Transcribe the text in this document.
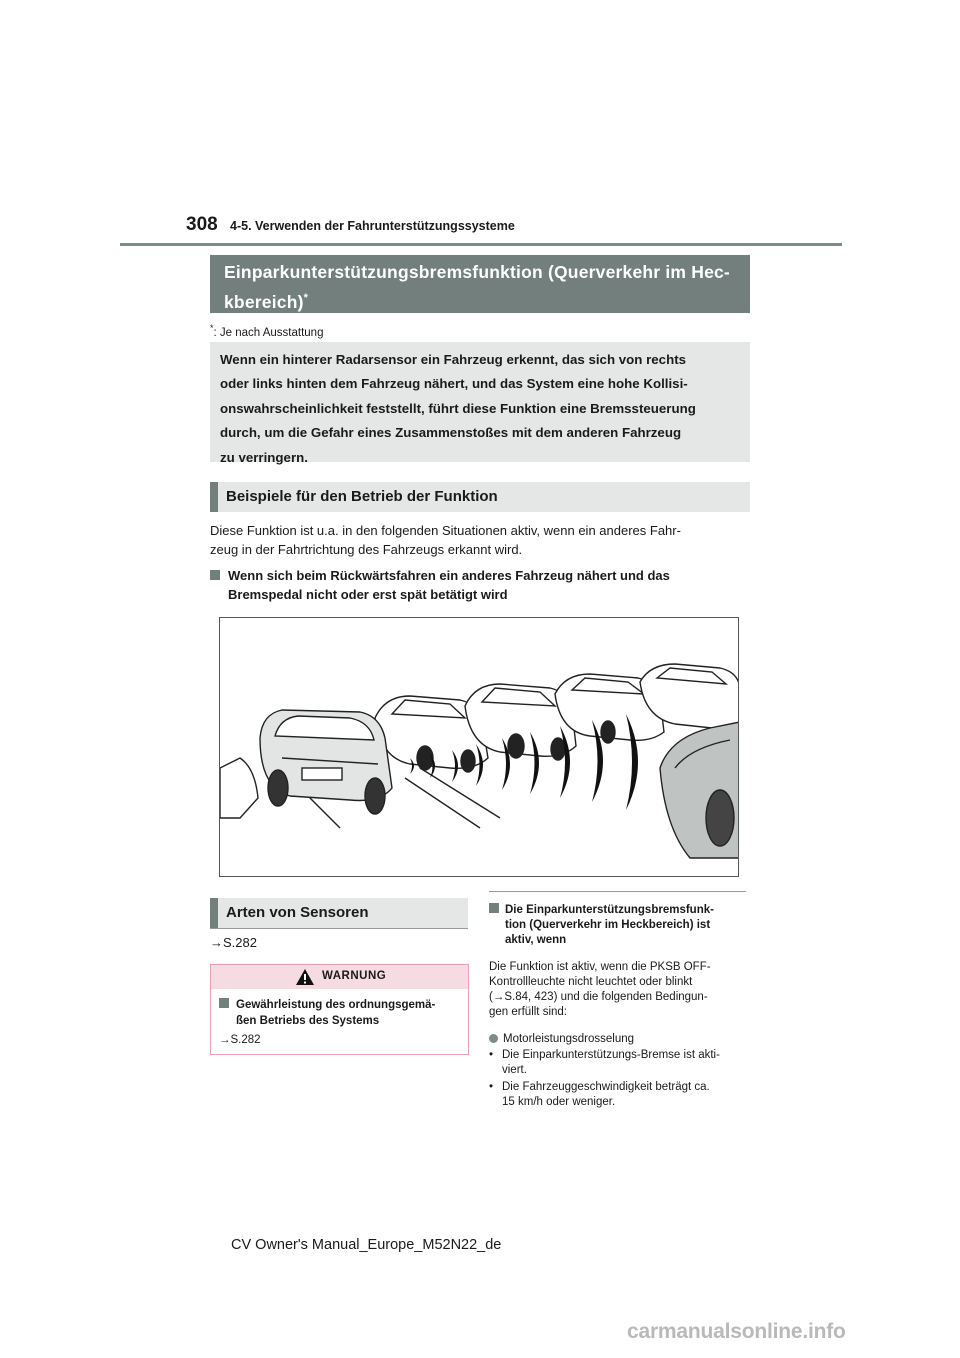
308 4-5. Verwenden der Fahrunterstützungssysteme
Einparkunterstützungsbremsfunktion (Querverkehr im Hec-
kbereich)*
*: Je nach Ausstattung
Wenn ein hinterer Radarsensor ein Fahrzeug erkennt, das sich von rechts
oder links hinten dem Fahrzeug nähert, und das System eine hohe Kollisi-
onswahrscheinlichkeit feststellt, führt diese Funktion eine Bremssteuerung
durch, um die Gefahr eines Zusammenstoßes mit dem anderen Fahrzeug
zu verringern.
Beispiele für den Betrieb der Funktion
Diese Funktion ist u.a. in den folgenden Situationen aktiv, wenn ein anderes Fahr-
zeug in der Fahrtrichtung des Fahrzeugs erkannt wird.
Wenn sich beim Rückwärtsfahren ein anderes Fahrzeug nähert und das
Bremspedal nicht oder erst spät betätigt wird
Arten von Sensoren
→S.282
WARNUNG
Gewährleistung des ordnungsgemä-
ßen Betriebs des Systems
→S.282
Die Einparkunterstützungsbremsfunk-
tion (Querverkehr im Heckbereich) ist
aktiv, wenn
Die Funktion ist aktiv, wenn die PKSB OFF-
Kontrollleuchte nicht leuchtet oder blinkt
(→S.84, 423) und die folgenden Bedingun-
gen erfüllt sind:
Motorleistungsdrosselung
• Die Einparkunterstützungs-Bremse ist akti-
viert.
• Die Fahrzeuggeschwindigkeit beträgt ca.
15 km/h oder weniger.
CV Owner's Manual_Europe_M52N22_de
carmanualsonline.info
